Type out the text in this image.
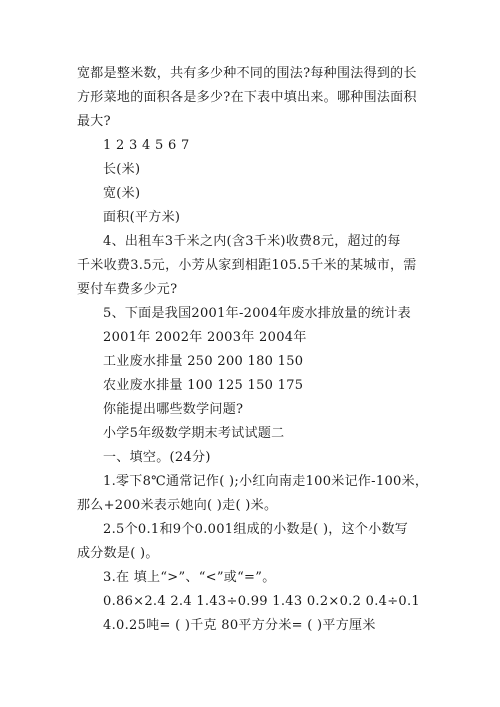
宽都是整米数，共有多少种不同的围法?每种围法得到的长
方形菜地的面积各是多少?在下表中填出来。哪种围法面积
最大?
1 2 3 4 5 6 7
长(米)
宽(米)
面积(平方米)
4、出租车3千米之内(含3千米)收费8元，超过的每
千米收费3.5元，小芳从家到相距105.5千米的某城市，需
要付车费多少元?
5、下面是我国2001年-2004年废水排放量的统计表
2001年 2002年 2003年 2004年
工业废水排量 250 200 180 150
农业废水排量 100 125 150 175
你能提出哪些数学问题?
小学5年级数学期末考试试题二
一、填空。(24分)
1.零下8℃通常记作( );小红向南走100米记作-100米，
那么+200米表示她向( )走( )米。
2.5个0.1和9个0.001组成的小数是( )，这个小数写
成分数是( )。
3.在 填上“>”、“<”或“=”。
0.86×2.4 2.4 1.43÷0.99 1.43 0.2×0.2 0.4÷0.1
4.0.25吨= ( )千克 80平方分米= ( )平方厘米
